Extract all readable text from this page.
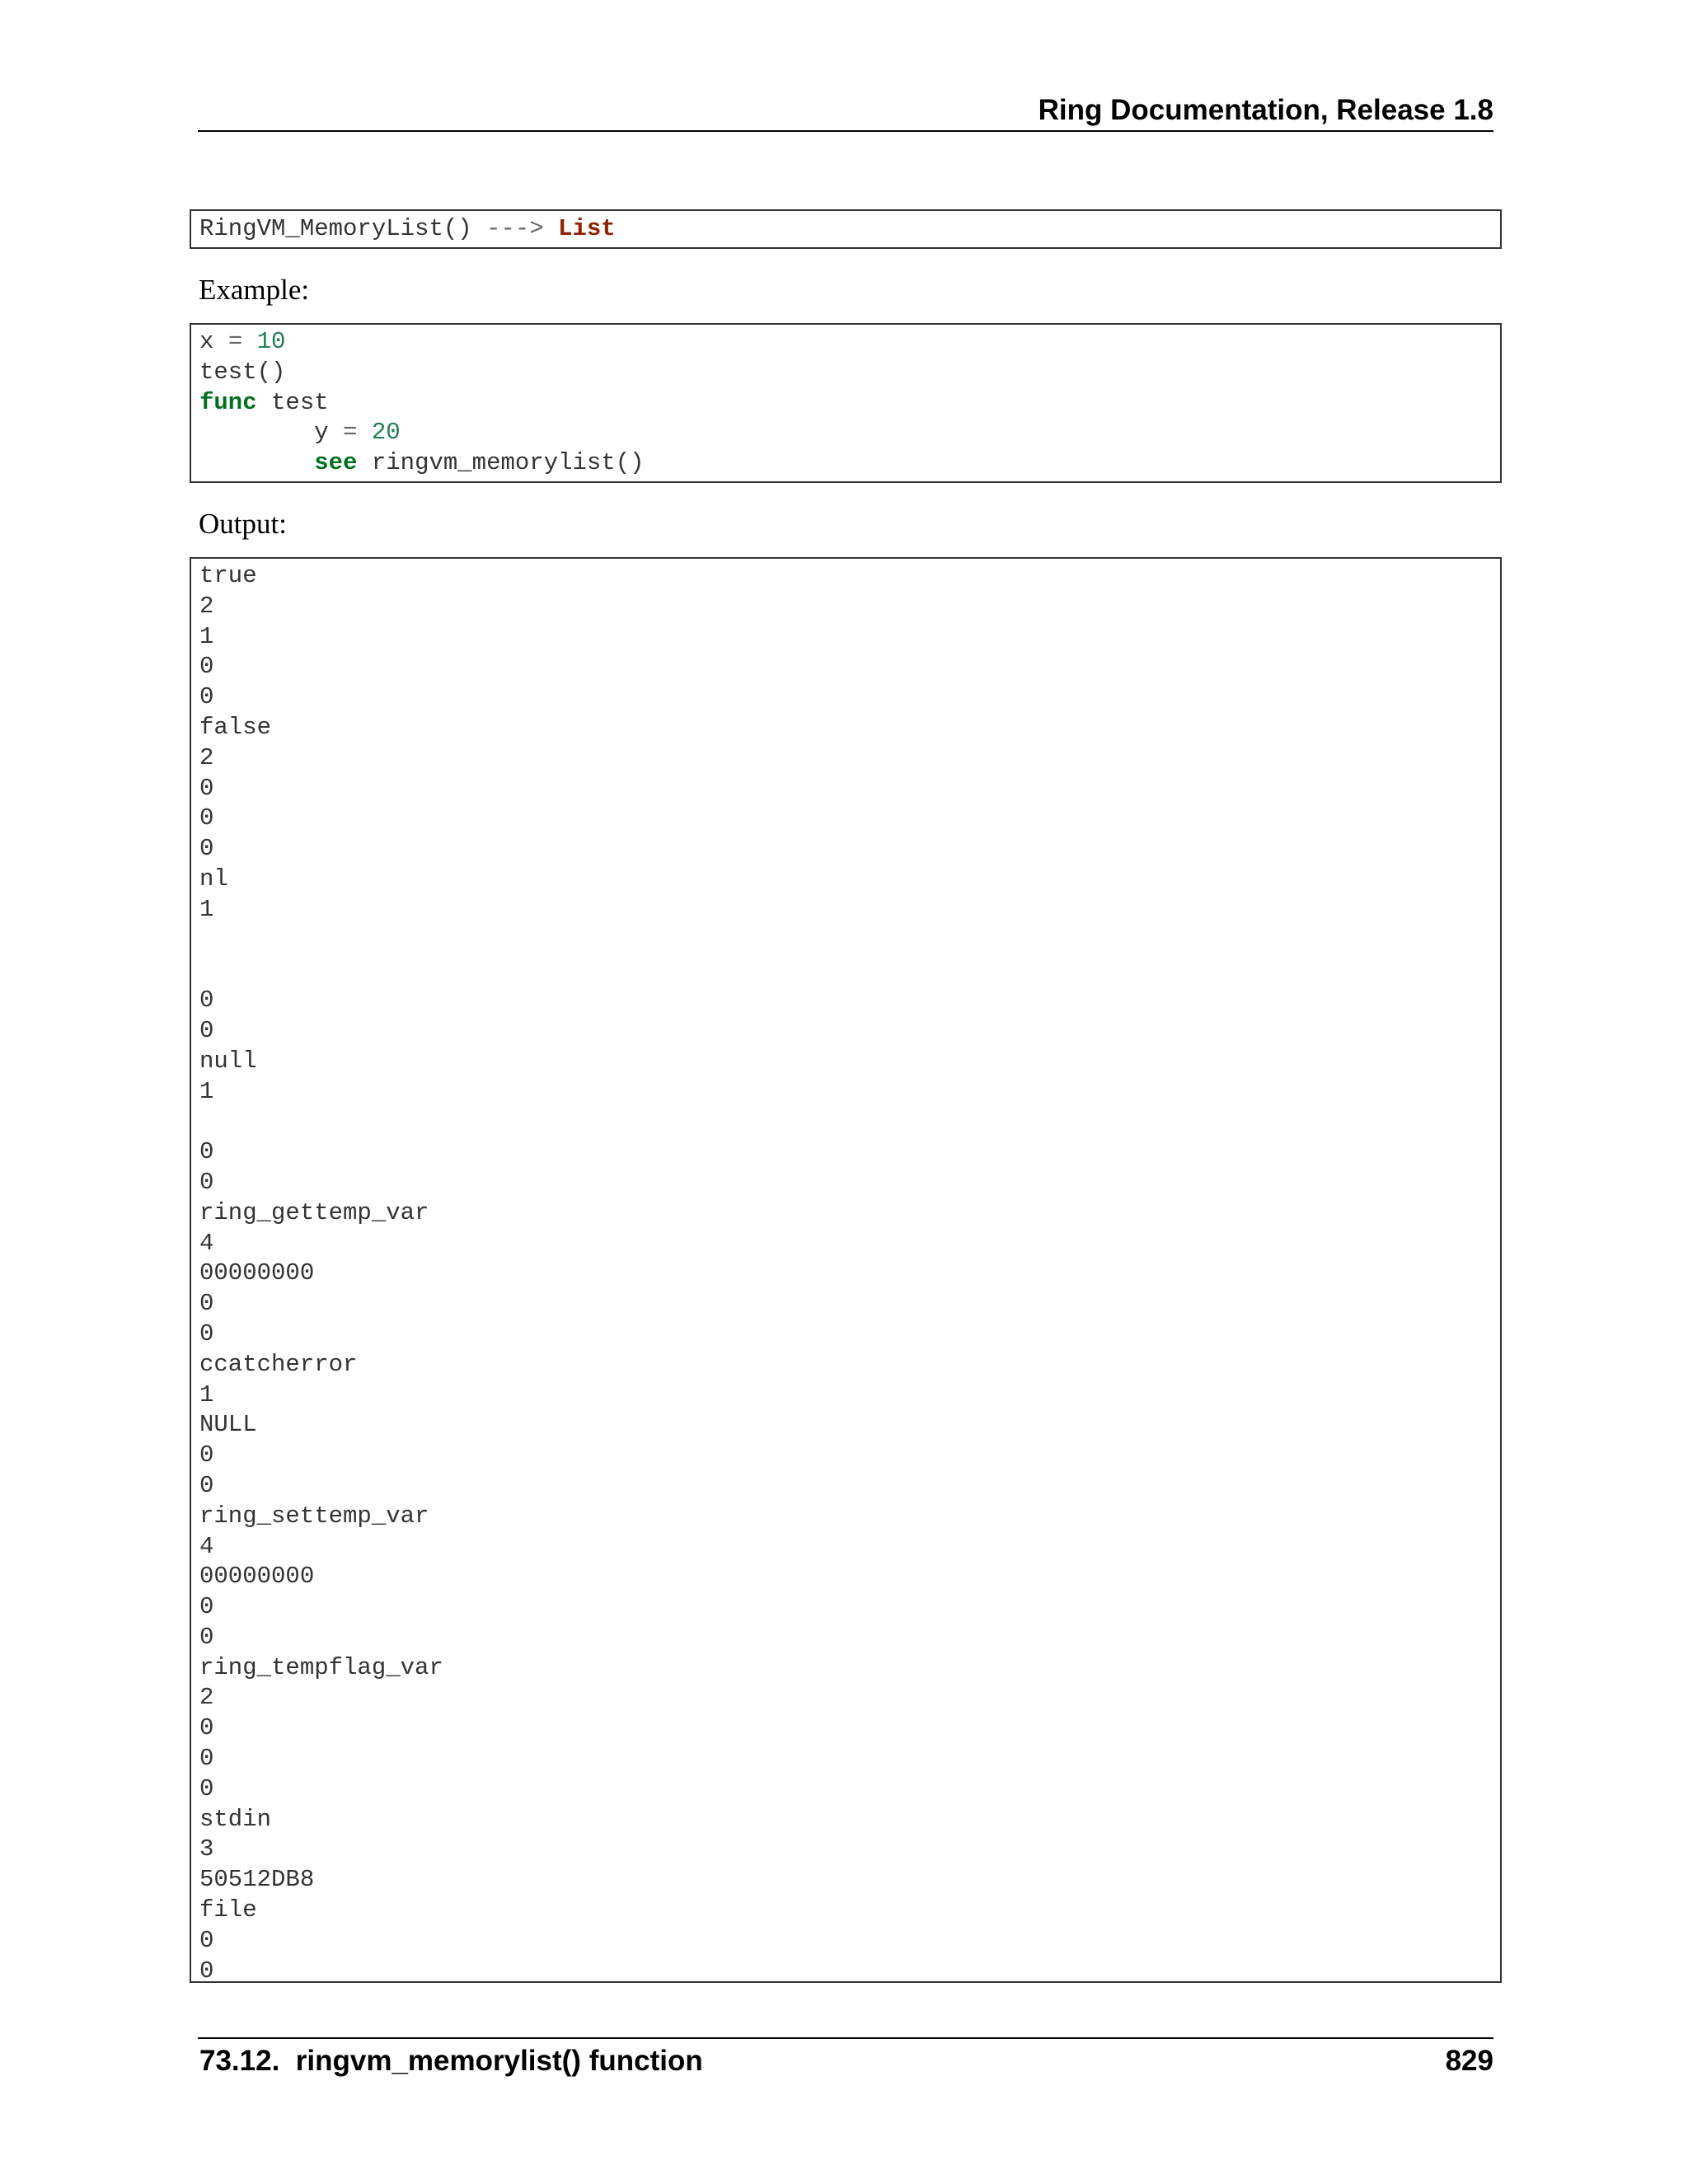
Ring Documentation, Release 1.8
RingVM_MemoryList() ---> List
Example:
x = 10
test()
func test
y = 20
see ringvm_memorylist()
Output:
true
2
1
0
0
false
2
0
0
0
nl
1
0
0
null
1
0
0
ring_gettemp_var
4
00000000
0
0
ccatcherror
1
NULL
0
0
ring_settemp_var
4
00000000
0
0
ring_tempflag_var
2
0
0
0
stdin
3
50512DB8
file
0
0
73.12.  ringvm_memorylist() function	829
